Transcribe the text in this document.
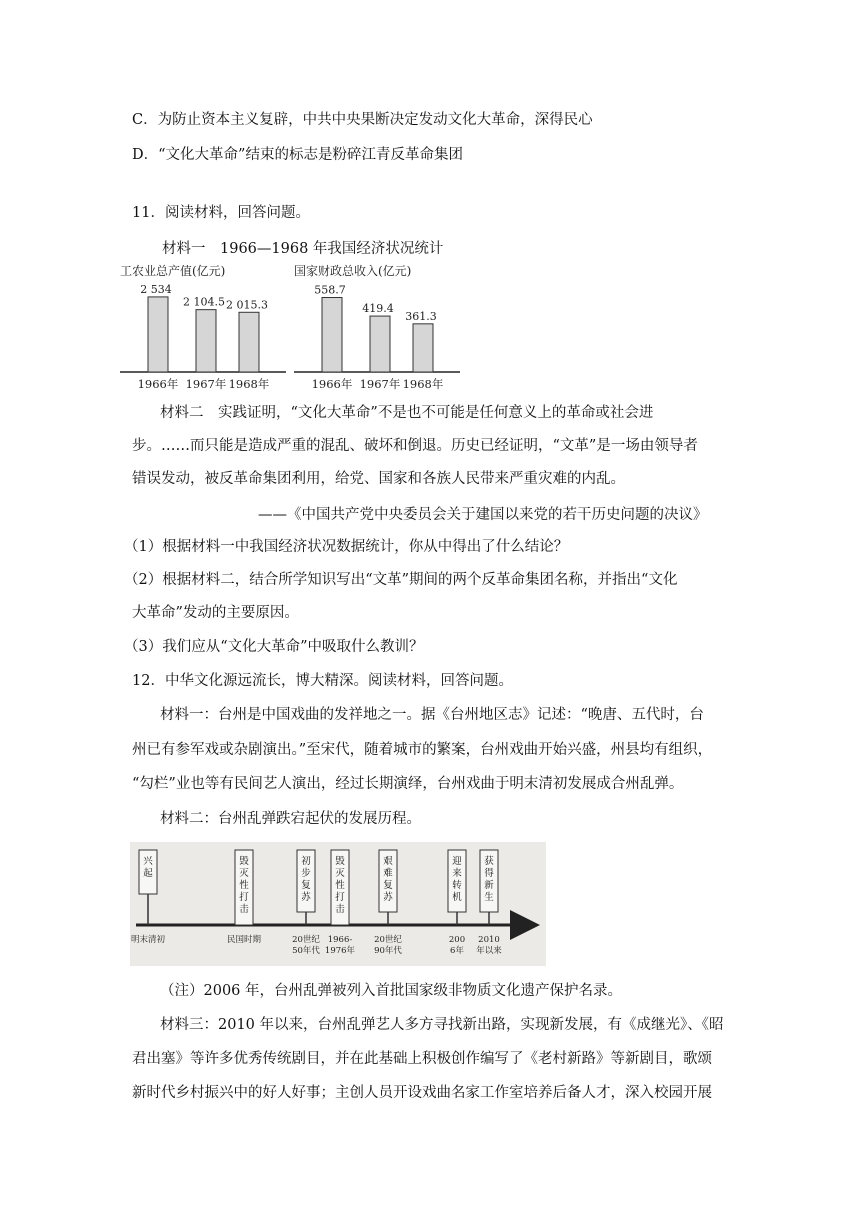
C．为防止资本主义复辟，中共中央果断决定发动文化大革命，深得民心
D．“文化大革命”结束的标志是粉碎江青反革命集团
11．阅读材料，回答问题。
材料一　1966—1968 年我国经济状况统计
工农业总产值(亿元)
2 534
1966年
2 104.5
1967年
2 015.3
1968年
国家财政总收入(亿元)
558.7
1966年
419.4
1967年
361.3
1968年
材料二　实践证明，“文化大革命”不是也不可能是任何意义上的革命或社会进
步。……而只能是造成严重的混乱、破坏和倒退。历史已经证明，“文革”是一场由领导者
错误发动，被反革命集团利用，给党、国家和各族人民带来严重灾难的内乱。
——《中国共产党中央委员会关于建国以来党的若干历史问题的决议》
（1）根据材料一中我国经济状况数据统计，你从中得出了什么结论？
（2）根据材料二，结合所学知识写出“文革”期间的两个反革命集团名称，并指出“文化
大革命”发动的主要原因。
（3）我们应从“文化大革命”中吸取什么教训？
12．中华文化源远流长，博大精深。阅读材料，回答问题。
材料一：台州是中国戏曲的发祥地之一。据《台州地区志》记述：“晚唐、五代时，台
州已有参军戏或杂剧演出。”至宋代，随着城市的繁案，台州戏曲开始兴盛，州县均有组织，
“勾栏”业也等有民间艺人演出，经过长期演绎，台州戏曲于明末清初发展成合州乱弹。
材料二：台州乱弹跌宕起伏的发展历程。
兴起
明末清初
毁灭性打击
民国时期
初步复苏
20世纪 50年代
毁灭性打击
1966-1976年
艰难复苏
20世纪 90年代
迎来转机
200 6年
获得新生
2010 年以来
（注）2006 年，台州乱弹被列入首批国家级非物质文化遗产保护名录。
材料三：2010 年以来，台州乱弹艺人多方寻找新出路，实现新发展，有《成继光》、《昭
君出塞》等许多优秀传统剧目，并在此基础上积极创作编写了《老村新路》等新剧目，歌颂
新时代乡村振兴中的好人好事；主创人员开设戏曲名家工作室培养后备人才，深入校园开展
